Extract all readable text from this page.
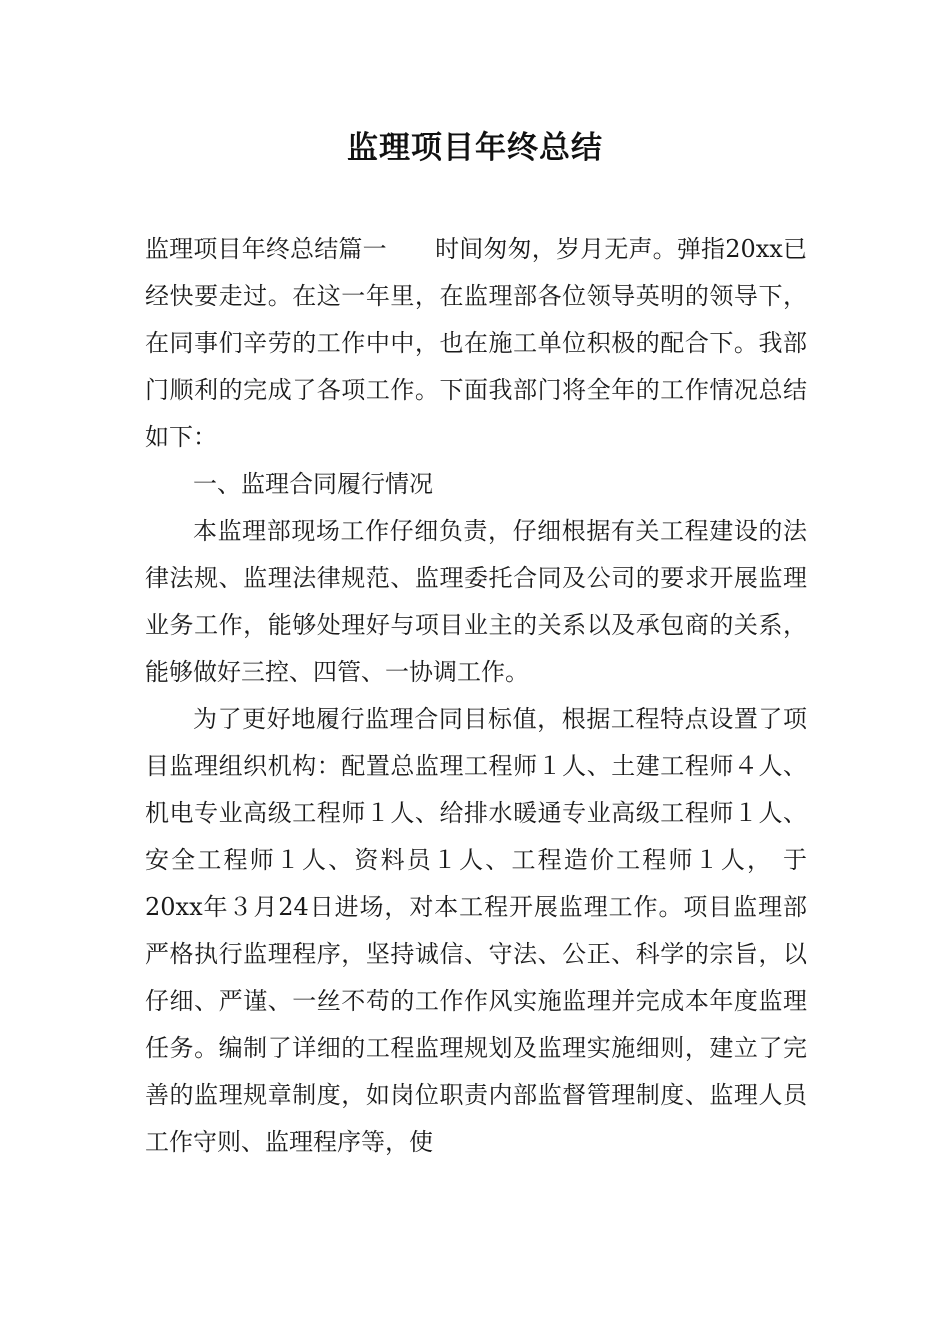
监理项目年终总结

监理项目年终总结篇一　　时间匆匆，岁月无声。弹指20xx已经快要走过。在这一年里，在监理部各位领导英明的领导下，在同事们辛劳的工作中中，也在施工单位积极的配合下。我部门顺利的完成了各项工作。下面我部门将全年的工作情况总结如下：

一、监理合同履行情况

本监理部现场工作仔细负责，仔细根据有关工程建设的法律法规、监理法律规范、监理委托合同及公司的要求开展监理业务工作，能够处理好与项目业主的关系以及承包商的关系，能够做好三控、四管、一协调工作。

为了更好地履行监理合同目标值，根据工程特点设置了项目监理组织机构：配置总监理工程师１人、土建工程师４人、机电专业高级工程师１人、给排水暖通专业高级工程师１人、安全工程师１人、资料员１人、工程造价工程师１人， 于20xx年３月24日进场，对本工程开展监理工作。项目监理部严格执行监理程序，坚持诚信、守法、公正、科学的宗旨，以仔细、严谨、一丝不苟的工作作风实施监理并完成本年度监理任务。编制了详细的工程监理规划及监理实施细则，建立了完善的监理规章制度，如岗位职责内部监督管理制度、监理人员工作守则、监理程序等，使
